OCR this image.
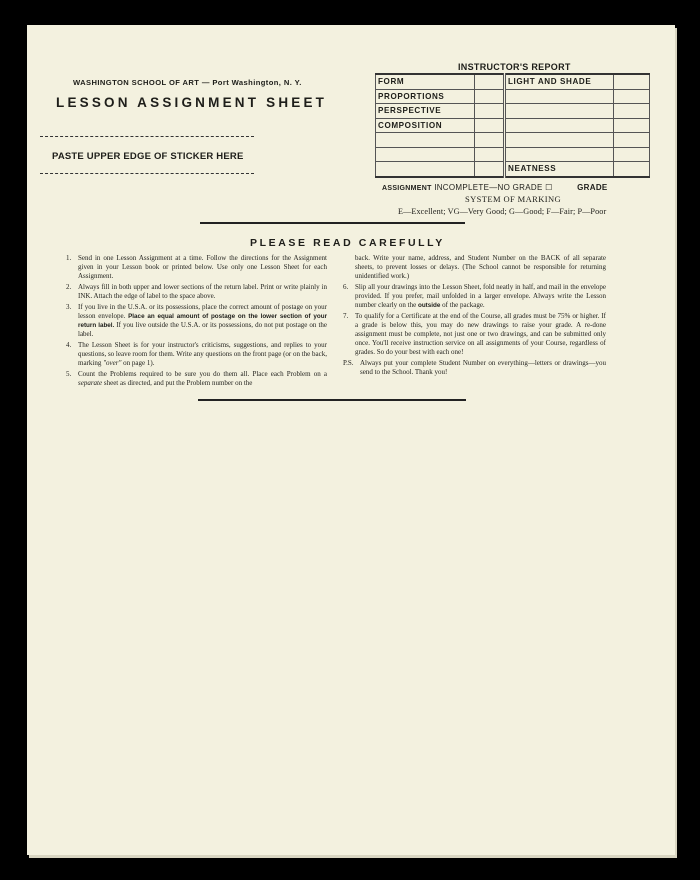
WASHINGTON SCHOOL OF ART — Port Washington, N. Y.
LESSON ASSIGNMENT SHEET
PASTE UPPER EDGE OF STICKER HERE
INSTRUCTOR'S REPORT
FORM		LIGHT AND SHADE	
PROPORTIONS			
PERSPECTIVE			
COMPOSITION			

		NEATNESS	
ASSIGNMENT INCOMPLETE—NO GRADE ☐	GRADE
SYSTEM OF MARKING
E—Excellent; VG—Very Good; G—Good; F—Fair; P—Poor
PLEASE READ CAREFULLY
1. Send in one Lesson Assignment at a time. Follow the directions for the Assignment given in your Lesson book or printed below. Use only one Lesson Sheet for each Assignment.
2. Always fill in both upper and lower sections of the return label. Print or write plainly in INK. Attach the edge of label to the space above.
3. If you live in the U.S.A. or its possessions, place the correct amount of postage on your lesson envelope. Place an equal amount of postage on the lower section of your return label. If you live outside the U.S.A. or its possessions, do not put postage on the label.
4. The Lesson Sheet is for your instructor's criticisms, suggestions, and replies to your questions, so leave room for them. Write any questions on the front page (or on the back, marking "over" on page 1).
5. Count the Problems required to be sure you do them all. Place each Problem on a separate sheet as directed, and put the Problem number on the
back. Write your name, address, and Student Number on the BACK of all separate sheets, to prevent losses or delays. (The School cannot be responsible for returning unidentified work.)
6. Slip all your drawings into the Lesson Sheet, fold neatly in half, and mail in the envelope provided. If you prefer, mail unfolded in a larger envelope. Always write the Lesson number clearly on the outside of the package.
7. To qualify for a Certificate at the end of the Course, all grades must be 75% or higher. If a grade is below this, you may do new drawings to raise your grade. A re-done assignment must be complete, not just one or two drawings, and can be submitted only once. You'll receive instruction service on all assignments of your Course, regardless of grades. So do your best with each one!
P.S. Always put your complete Student Number on everything—letters or drawings—you send to the School. Thank you!
